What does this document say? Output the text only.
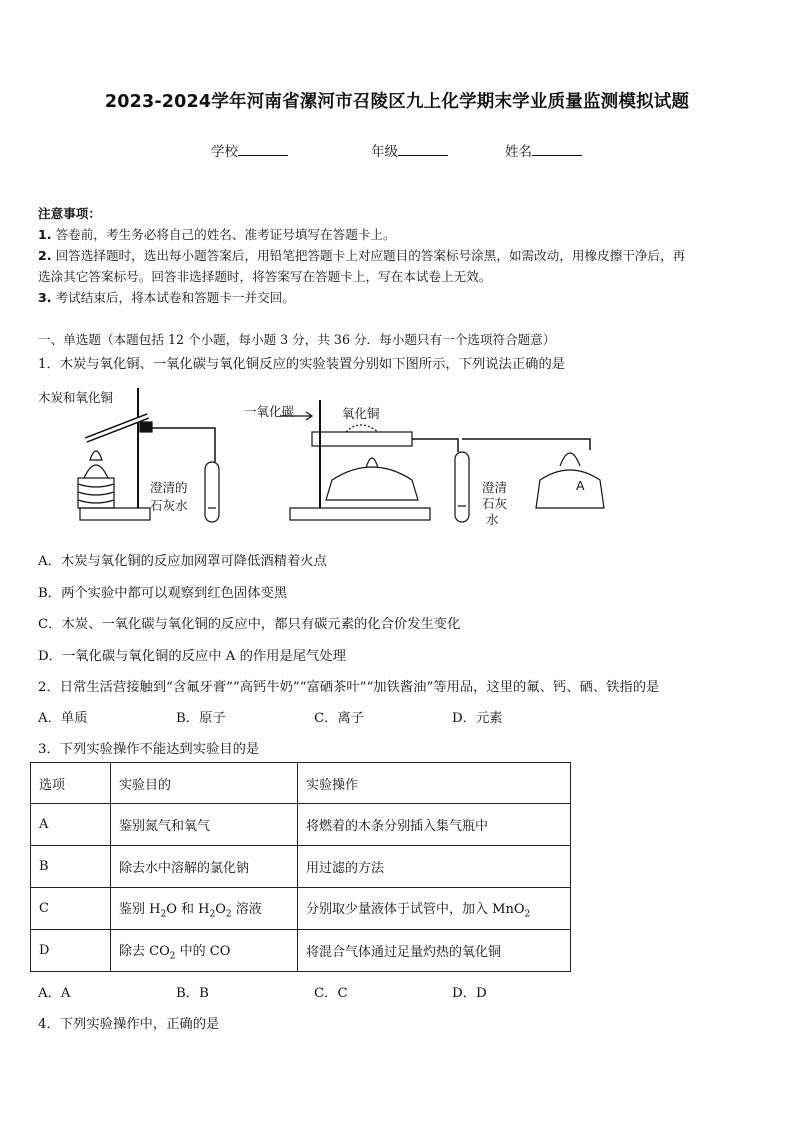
2023-2024学年河南省漯河市召陵区九上化学期末学业质量监测模拟试题
学校	年级	姓名
注意事项：
1. 答卷前，考生务必将自己的姓名、准考证号填写在答题卡上。
2. 回答选择题时，选出每小题答案后，用铅笔把答题卡上对应题目的答案标号涂黑，如需改动，用橡皮擦干净后，再
选涂其它答案标号。回答非选择题时，将答案写在答题卡上，写在本试卷上无效。
3. 考试结束后，将本试卷和答题卡一并交回。
一、单选题（本题包括 12 个小题，每小题 3 分，共 36 分．每小题只有一个选项符合题意）
1．木炭与氧化铜、一氧化碳与氧化铜反应的实验装置分别如下图所示，下列说法正确的是
木炭和氧化铜
澄清的
石灰水
一氧化碳	氧化铜
澄清
石灰
水
A
A．木炭与氧化铜的反应加网罩可降低酒精着火点
B．两个实验中都可以观察到红色固体变黑
C．木炭、一氧化碳与氧化铜的反应中，都只有碳元素的化合价发生变化
D．一氧化碳与氧化铜的反应中 A 的作用是尾气处理
2．日常生活营接触到“含氟牙膏”“高钙牛奶”“富硒茶叶”“加铁酱油”等用品，这里的氟、钙、硒、铁指的是
A．单质	B．原子	C．离子	D．元素
3．下列实验操作不能达到实验目的是
选项	实验目的	实验操作
A	鉴别氮气和氧气	将燃着的木条分别插入集气瓶中
B	除去水中溶解的氯化钠	用过滤的方法
C	鉴别 $H_2O$ 和 $H_2O_2$ 溶液	分别取少量液体于试管中，加入 MnO$_2$
D	除去 $CO_2$ 中的 CO	将混合气体通过足量灼热的氧化铜
A．A	B．B	C．C	D．D
4．下列实验操作中，正确的是
